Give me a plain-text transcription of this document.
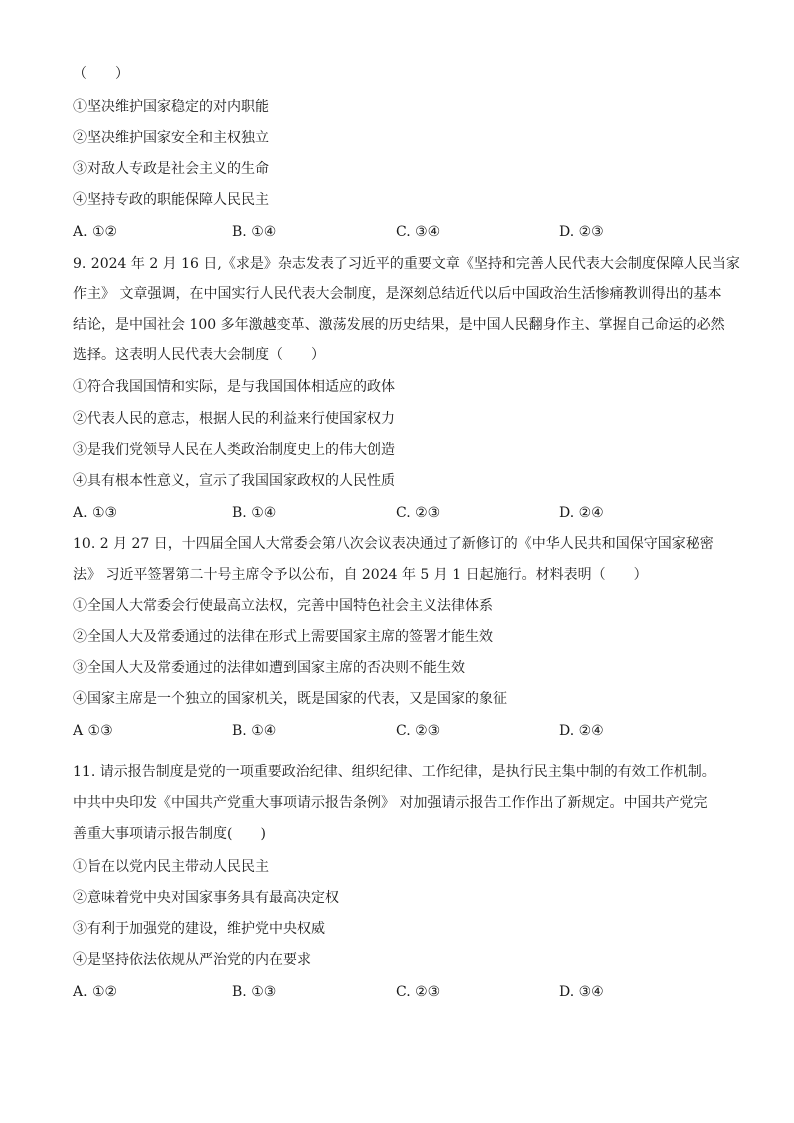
（　　）
①坚决维护国家稳定的对内职能
②坚决维护国家安全和主权独立
③对敌人专政是社会主义的生命
④坚持专政的职能保障人民民主
A. ①②	B. ①④	C. ③④	D. ②③
9. 2024 年 2 月 16 日,《求是》杂志发表了习近平的重要文章《坚持和完善人民代表大会制度保障人民当家
作主》 文章强调，在中国实行人民代表大会制度，是深刻总结近代以后中国政治生活惨痛教训得出的基本
结论，是中国社会 100 多年激越变革、激荡发展的历史结果，是中国人民翻身作主、掌握自己命运的必然
选择。这表明人民代表大会制度（　　）
①符合我国国情和实际，是与我国国体相适应的政体
②代表人民的意志，根据人民的利益来行使国家权力
③是我们党领导人民在人类政治制度史上的伟大创造
④具有根本性意义，宣示了我国国家政权的人民性质
A. ①③	B. ①④	C. ②③	D. ②④
10. 2 月 27 日，十四届全国人大常委会第八次会议表决通过了新修订的《中华人民共和国保守国家秘密
法》 习近平签署第二十号主席令予以公布，自 2024 年 5 月 1 日起施行。材料表明（　　）
①全国人大常委会行使最高立法权，完善中国特色社会主义法律体系
②全国人大及常委通过的法律在形式上需要国家主席的签署才能生效
③全国人大及常委通过的法律如遭到国家主席的否决则不能生效
④国家主席是一个独立的国家机关，既是国家的代表，又是国家的象征
A ①③	B. ①④	C. ②③	D. ②④
11. 请示报告制度是党的一项重要政治纪律、组织纪律、工作纪律，是执行民主集中制的有效工作机制。
中共中央印发《中国共产党重大事项请示报告条例》 对加强请示报告工作作出了新规定。中国共产党完
善重大事项请示报告制度(　　)
①旨在以党内民主带动人民民主
②意味着党中央对国家事务具有最高决定权
③有利于加强党的建设，维护党中央权威
④是坚持依法依规从严治党的内在要求
A. ①②	B. ①③	C. ②③	D. ③④
